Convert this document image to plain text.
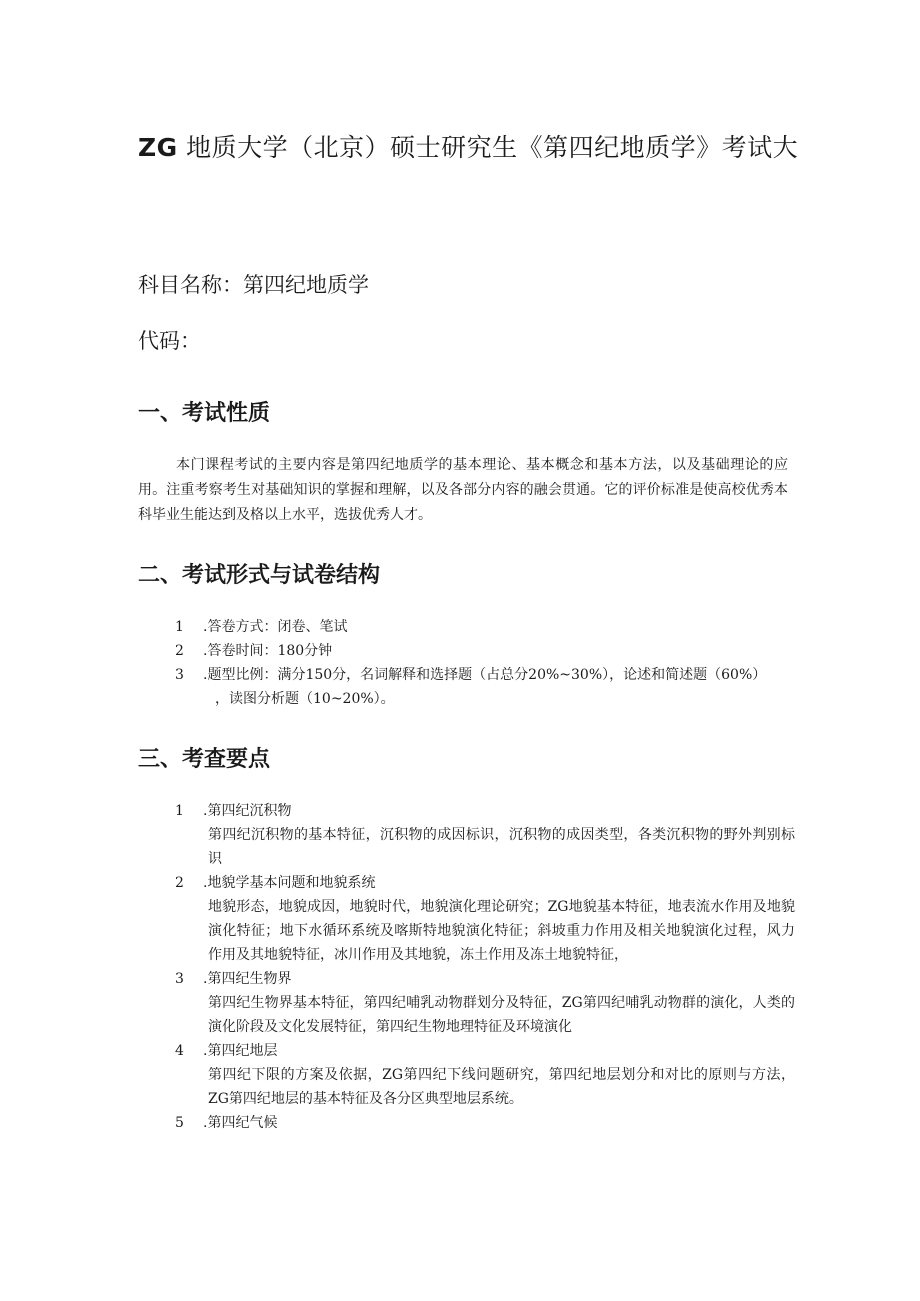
ZG 地质大学（北京）硕士研究生《第四纪地质学》考试大
科目名称：第四纪地质学
代码：
一、考试性质

本门课程考试的主要内容是第四纪地质学的基本理论、基本概念和基本方法，以及基础理论的应用。注重考察考生对基础知识的掌握和理解，以及各部分内容的融会贯通。它的评价标准是使高校优秀本科毕业生能达到及格以上水平，选拔优秀人才。

二、考试形式与试卷结构
1 .答卷方式：闭卷、笔试
2 .答卷时间：180分钟
3 .题型比例：满分150分，名词解释和选择题（占总分20%~30%），论述和简述题（60%）
，读图分析题（10~20%）。
三、考查要点
1 .第四纪沉积物
第四纪沉积物的基本特征，沉积物的成因标识，沉积物的成因类型，各类沉积物的野外判别标识
2 .地貌学基本问题和地貌系统
地貌形态，地貌成因，地貌时代，地貌演化理论研究；ZG地貌基本特征，地表流水作用及地貌演化特征；地下水循环系统及喀斯特地貌演化特征；斜坡重力作用及相关地貌演化过程，风力作用及其地貌特征，冰川作用及其地貌，冻土作用及冻土地貌特征，
3 .第四纪生物界
第四纪生物界基本特征，第四纪哺乳动物群划分及特征，ZG第四纪哺乳动物群的演化，人类的演化阶段及文化发展特征，第四纪生物地理特征及环境演化
4 .第四纪地层
第四纪下限的方案及依据，ZG第四纪下线问题研究，第四纪地层划分和对比的原则与方法，ZG第四纪地层的基本特征及各分区典型地层系统。
5 .第四纪气候
